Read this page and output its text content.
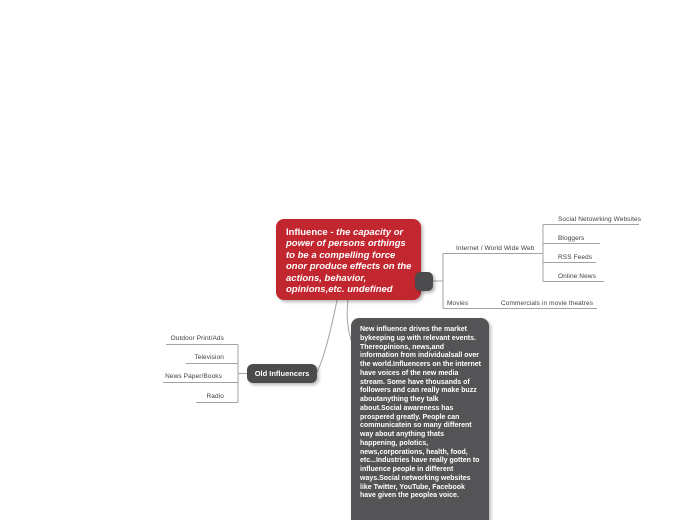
Influence - the capacity or power of persons orthings to be a compelling force onor produce effects on the actions, behavior, opinions,etc. undefined
Internet / World Wide Web
Social Netowrking Websites
Bloggers
RSS Feeds
Online News
Movies	Commercials in movie theatres
Old Influencers
Outdoor Print/Ads
Television
News Paper/Books
Radio
New influence drives the market bykeeping up with relevant events. Thereopinions, news,and information from individualsall over the world.Influencers on the internet have voices of the new media stream. Some have thousands of followers and can really make buzz aboutanything they talk about.Social awareness has prospered greatly. People can communicatein so many different way about anything thats happening, polotics, news,corporations, health, food, etc...Industries have really gotten to influence people in different ways.Social networking websites like Twitter, YouTube, Facebook have given the peoplea voice.
